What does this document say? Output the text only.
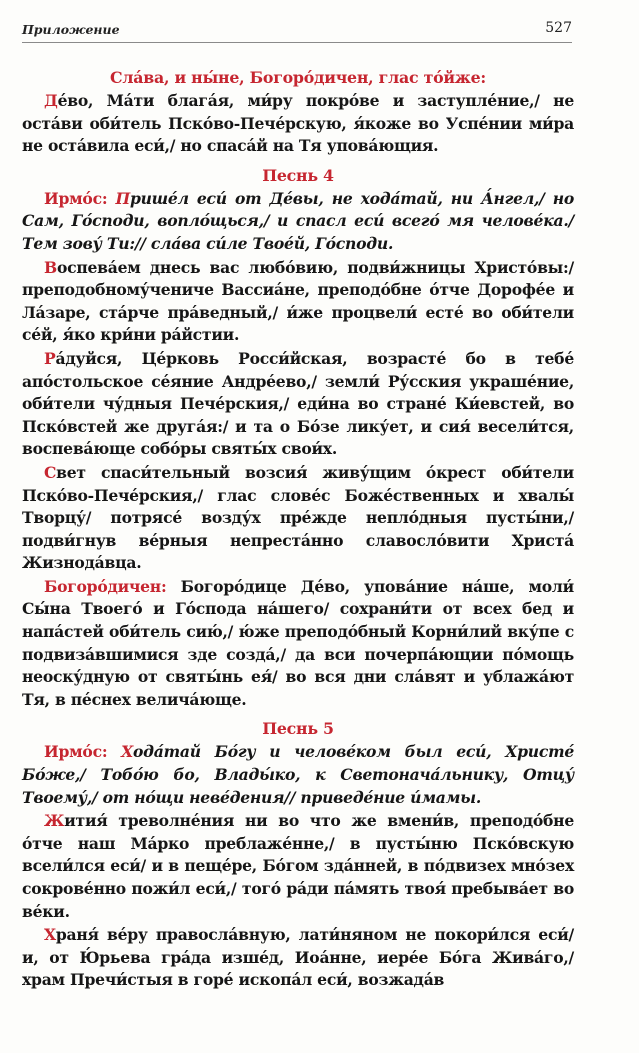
Приложение	527
Сла́ва, и ны́не, Богоро́дичен, глас то́йже:

Де́во, Ма́ти блага́я, ми́ру покро́ве и заступле́ние,/ не оста́ви оби́тель Пско́во-Пече́рскую, я́коже во Успе́нии ми́ра не оста́вила еси́,/ но спаса́й на Тя упова́ющия.

Песнь 4

Ирмо́с: Пришéл еси́ от Дéвы, не хода́тай, ни А́нгел,/ но Сам, Го́споди, вопло́щься,/ и спасл еси́ всего́ мя человéка./ Тем зову́ Ти:// сла́ва си́ле Твоéй, Го́споди.

Воспева́ем днесь вас любо́вию, подви́жницы Христо́вы:/ преподобному́чениче Васcиа́не, преподо́бне о́тче Дорофе́е и Ла́заре, ста́рче пра́ведный,/ и́же процвели́ есте́ во оби́тели се́й, я́ко кри́ни ра́йстии.

Ра́дуйся, Це́рковь Росси́йская, возрасте́ бо в тебе́ апо́стольское се́яние Андре́ево,/ земли́ Ру́сския украше́ние, оби́тели чу́дныя Пече́рския,/ еди́на во стране́ Ки́евстей, во Пско́встей же друга́я:/ и та о Бо́зе лику́ет, и сия́ весели́тся, воспева́юще собо́ры святы́х свои́х.

Свет спаси́тельный возсия́ живу́щим о́крест оби́тели Пско́во-Пече́рския,/ глас слове́с Боже́ственных и хвалы́ Творцу́/ потрясе́ возду́х пре́жде непло́дныя пусты́ни,/ подви́гнув ве́рныя непреста́нно славослóвити Христа́ Жизнода́вца.

Богоро́дичен: Богоро́дице Де́во, упова́ние на́ше, моли́ Сы́на Твоего́ и Го́спода на́шего/ сохрани́ти от всех бед и напа́стей оби́тель сию́,/ ю́же преподо́бный Корни́лий вку́пе с подвиза́вшимися зде созда́,/ да вси почерпа́ющии по́мощь неоску́дную от святы́нь ея́/ во вся дни сла́вят и ублажа́ют Тя, в пе́снех велича́юще.

Песнь 5

Ирмо́с: Хода́тай Бо́гу и челове́ком был еси́, Христе́ Бо́же,/ Тобо́ю бо, Влады́ко, к Светонача́льнику, Отцу́ Твоему́,/ от но́щи неве́дения// приведе́ние и́мамы.

Жития́ треволне́ния ни во что же вмени́в, преподо́бне о́тче наш Ма́рко преблаже́нне,/ в пусты́ню Пско́вскую всели́лся еси́/ и в пеще́ре, Бо́гом зда́нней, в по́двизех мно́зех сокрове́нно пожи́л еси́,/ того́ ра́ди па́мять твоя́ пребыва́ет во ве́ки.

Храня́ ве́ру правосла́вную, лати́няном не покори́лся еси́/ и, от Ю́рьева гра́да изше́д, Иоа́нне, иере́е Бо́га Жива́го,/ храм Пречи́стыя в горе́ ископа́л еси́, возжада́в
